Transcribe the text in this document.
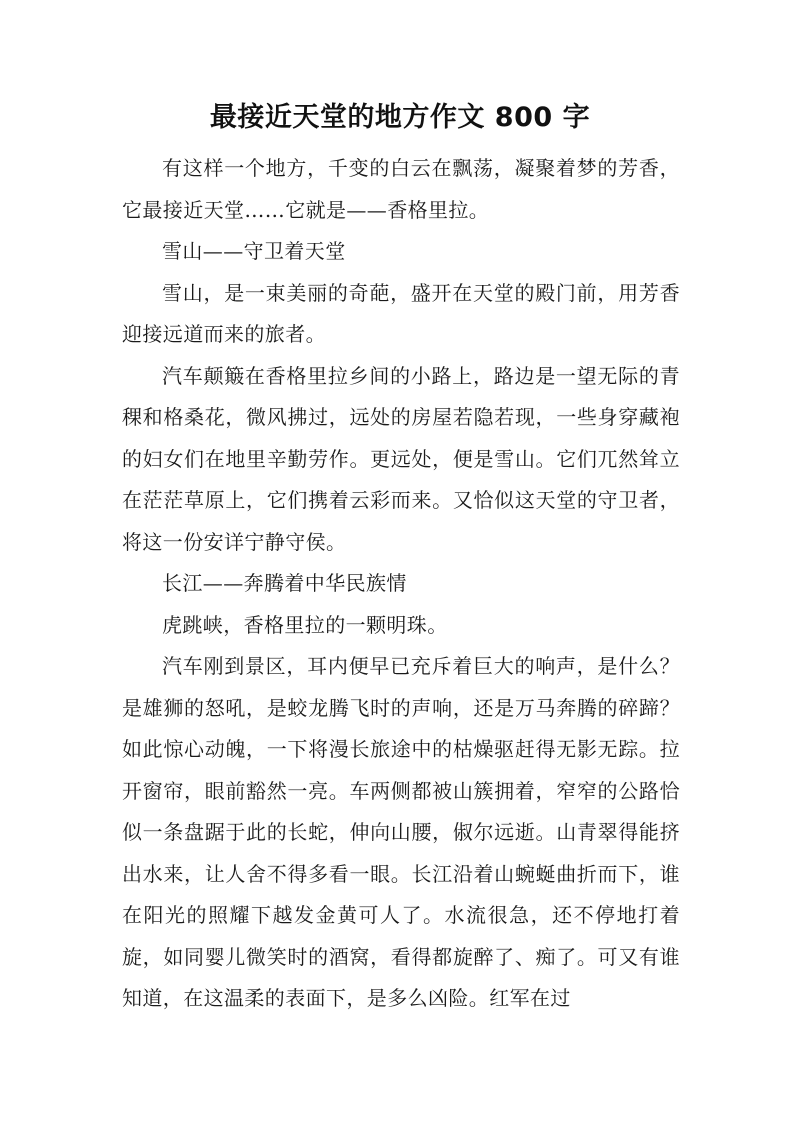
最接近天堂的地方作文 800 字

有这样一个地方，千变的白云在飘荡，凝聚着梦的芳香，它最接近天堂……它就是——香格里拉。

雪山——守卫着天堂

雪山，是一束美丽的奇葩，盛开在天堂的殿门前，用芳香迎接远道而来的旅者。

汽车颠簸在香格里拉乡间的小路上，路边是一望无际的青稞和格桑花，微风拂过，远处的房屋若隐若现，一些身穿藏袍的妇女们在地里辛勤劳作。更远处，便是雪山。它们兀然耸立在茫茫草原上，它们携着云彩而来。又恰似这天堂的守卫者，将这一份安详宁静守侯。

长江——奔腾着中华民族情

虎跳峡，香格里拉的一颗明珠。

汽车刚到景区，耳内便早已充斥着巨大的响声，是什么？是雄狮的怒吼，是蛟龙腾飞时的声响，还是万马奔腾的碎蹄？如此惊心动魄，一下将漫长旅途中的枯燥驱赶得无影无踪。拉开窗帘，眼前豁然一亮。车两侧都被山簇拥着，窄窄的公路恰似一条盘踞于此的长蛇，伸向山腰，俶尔远逝。山青翠得能挤出水来，让人舍不得多看一眼。长江沿着山蜿蜒曲折而下，谁在阳光的照耀下越发金黄可人了。水流很急，还不停地打着旋，如同婴儿微笑时的酒窝，看得都旋醉了、痴了。可又有谁知道，在这温柔的表面下，是多么凶险。红军在过
